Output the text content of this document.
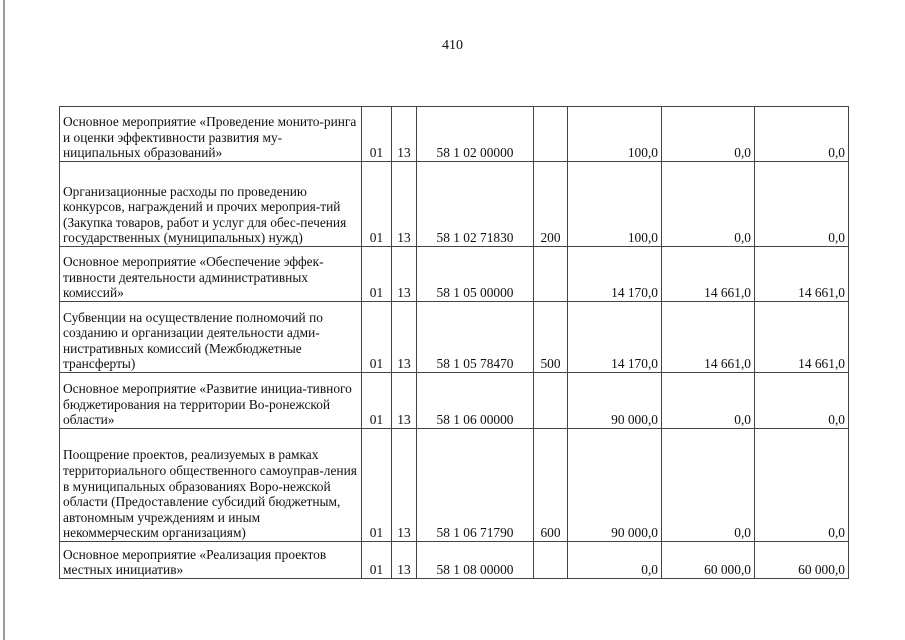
410
Основное мероприятие «Проведение монито-ринга и оценки эффективности развития му-ниципальных образований»	01	13	58 1 02 00000		100,0	0,0	0,0
Организационные расходы по проведению конкурсов, награждений и прочих мероприя-тий (Закупка товаров, работ и услуг для обес-печения государственных (муниципальных) нужд)	01	13	58 1 02 71830	200	100,0	0,0	0,0
Основное мероприятие «Обеспечение эффек-тивности деятельности административных комиссий»	01	13	58 1 05 00000		14 170,0	14 661,0	14 661,0
Субвенции на осуществление полномочий по созданию и организации деятельности адми-нистративных комиссий (Межбюджетные трансферты)	01	13	58 1 05 78470	500	14 170,0	14 661,0	14 661,0
Основное мероприятие «Развитие инициа-тивного бюджетирования на территории Во-ронежской области»	01	13	58 1 06 00000		90 000,0	0,0	0,0
Поощрение проектов, реализуемых в рамках территориального общественного самоуправ-ления в муниципальных образованиях Воро-нежской области (Предоставление субсидий бюджетным, автономным учреждениям и иным некоммерческим организациям)	01	13	58 1 06 71790	600	90 000,0	0,0	0,0
Основное мероприятие «Реализация проектов местных инициатив»	01	13	58 1 08 00000		0,0	60 000,0	60 000,0
